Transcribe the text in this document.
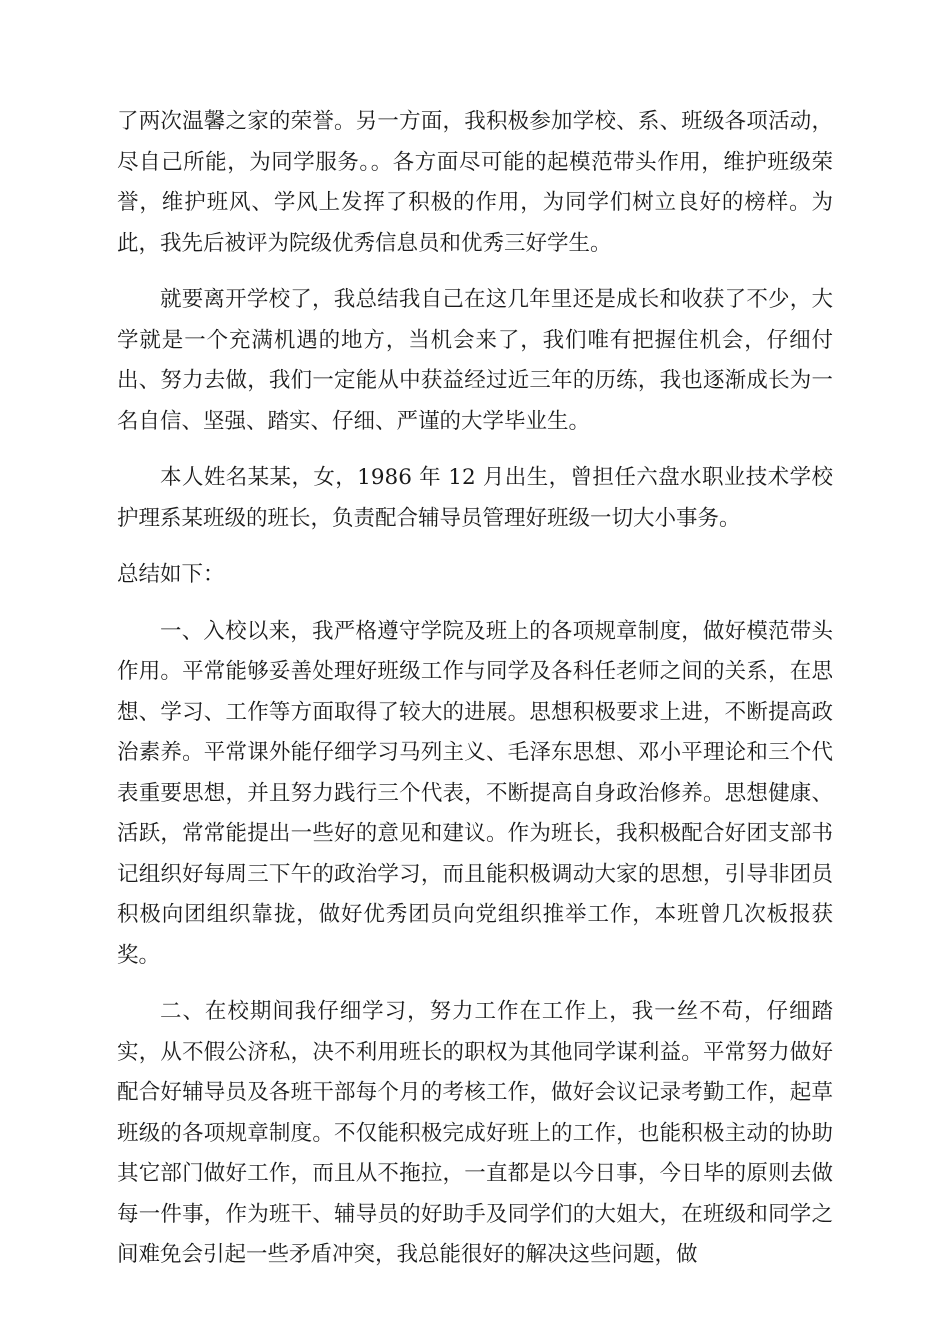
了两次温馨之家的荣誉。另一方面，我积极参加学校、系、班级各项活动，尽自己所能，为同学服务。。各方面尽可能的起模范带头作用，维护班级荣誉，维护班风、学风上发挥了积极的作用，为同学们树立良好的榜样。为此，我先后被评为院级优秀信息员和优秀三好学生。

就要离开学校了，我总结我自己在这几年里还是成长和收获了不少，大学就是一个充满机遇的地方，当机会来了，我们唯有把握住机会，仔细付出、努力去做，我们一定能从中获益经过近三年的历练，我也逐渐成长为一名自信、坚强、踏实、仔细、严谨的大学毕业生。

本人姓名某某，女，1986 年 12 月出生，曾担任六盘水职业技术学校护理系某班级的班长，负责配合辅导员管理好班级一切大小事务。

总结如下：

一、入校以来，我严格遵守学院及班上的各项规章制度，做好模范带头作用。平常能够妥善处理好班级工作与同学及各科任老师之间的关系，在思想、学习、工作等方面取得了较大的进展。思想积极要求上进，不断提高政治素养。平常课外能仔细学习马列主义、毛泽东思想、邓小平理论和三个代表重要思想，并且努力践行三个代表，不断提高自身政治修养。思想健康、活跃，常常能提出一些好的意见和建议。作为班长，我积极配合好团支部书记组织好每周三下午的政治学习，而且能积极调动大家的思想，引导非团员积极向团组织靠拢，做好优秀团员向党组织推举工作，本班曾几次板报获奖。

二、在校期间我仔细学习，努力工作在工作上，我一丝不苟，仔细踏实，从不假公济私，决不利用班长的职权为其他同学谋利益。平常努力做好配合好辅导员及各班干部每个月的考核工作，做好会议记录考勤工作，起草班级的各项规章制度。不仅能积极完成好班上的工作，也能积极主动的协助其它部门做好工作，而且从不拖拉，一直都是以今日事，今日毕的原则去做每一件事，作为班干、辅导员的好助手及同学们的大姐大，在班级和同学之间难免会引起一些矛盾冲突，我总能很好的解决这些问题，做
